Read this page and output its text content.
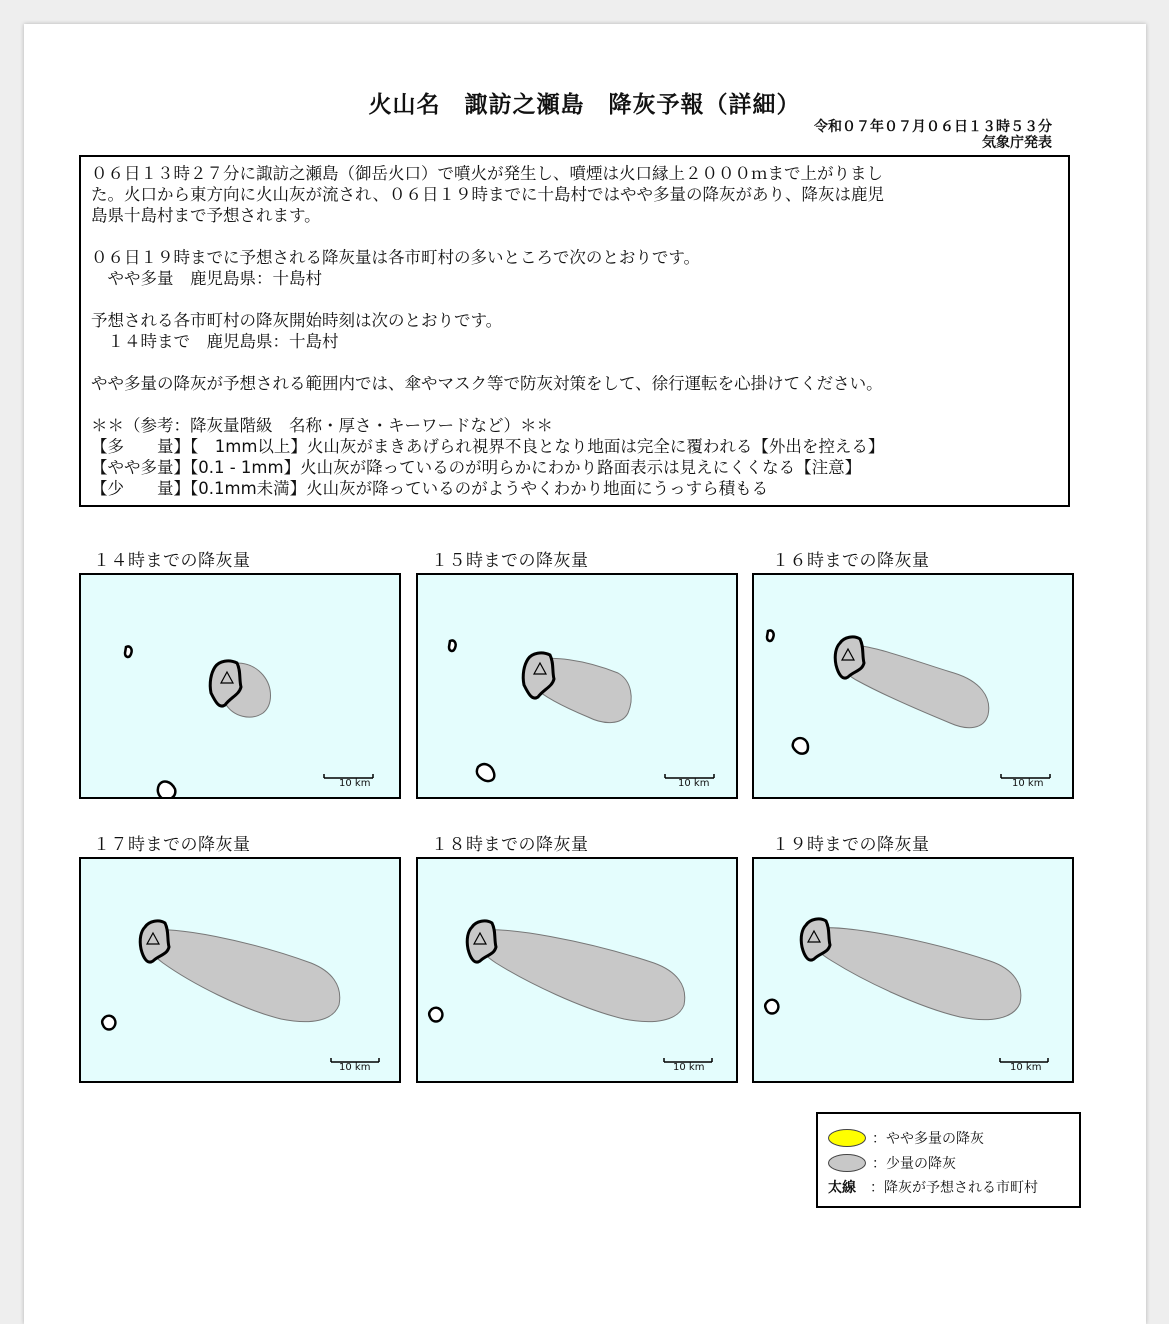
火山名　諏訪之瀬島　降灰予報（詳細）
令和０７年０７月０６日１３時５３分
気象庁発表

０６日１３時２７分に諏訪之瀬島（御岳火口）で噴火が発生し、噴煙は火口縁上２０００ｍまで上がりまし

た。火口から東方向に火山灰が流され、０６日１９時までに十島村ではやや多量の降灰があり、降灰は鹿児

島県十島村まで予想されます。

０６日１９時までに予想される降灰量は各市町村の多いところで次のとおりです。

　やや多量　鹿児島県：十島村

予想される各市町村の降灰開始時刻は次のとおりです。

　１４時まで　鹿児島県：十島村

やや多量の降灰が予想される範囲内では、傘やマスク等で防灰対策をして、徐行運転を心掛けてください。

＊＊（参考：降灰量階級　名称・厚さ・キーワードなど）＊＊

【多　　量】【　1mm以上】火山灰がまきあげられ視界不良となり地面は完全に覆われる【外出を控える】

【やや多量】【0.1 - 1mm】火山灰が降っているのが明らかにわかり路面表示は見えにくくなる【注意】

【少　　量】【0.1mm未満】火山灰が降っているのがようやくわかり地面にうっすら積もる

１４時までの降灰量	１５時までの降灰量	１６時までの降灰量
１７時までの降灰量	１８時までの降灰量	１９時までの降灰量
10 km	10 km	10 km
10 km	10 km	10 km
：やや多量の降灰
：少量の降灰
太線	：降灰が予想される市町村
